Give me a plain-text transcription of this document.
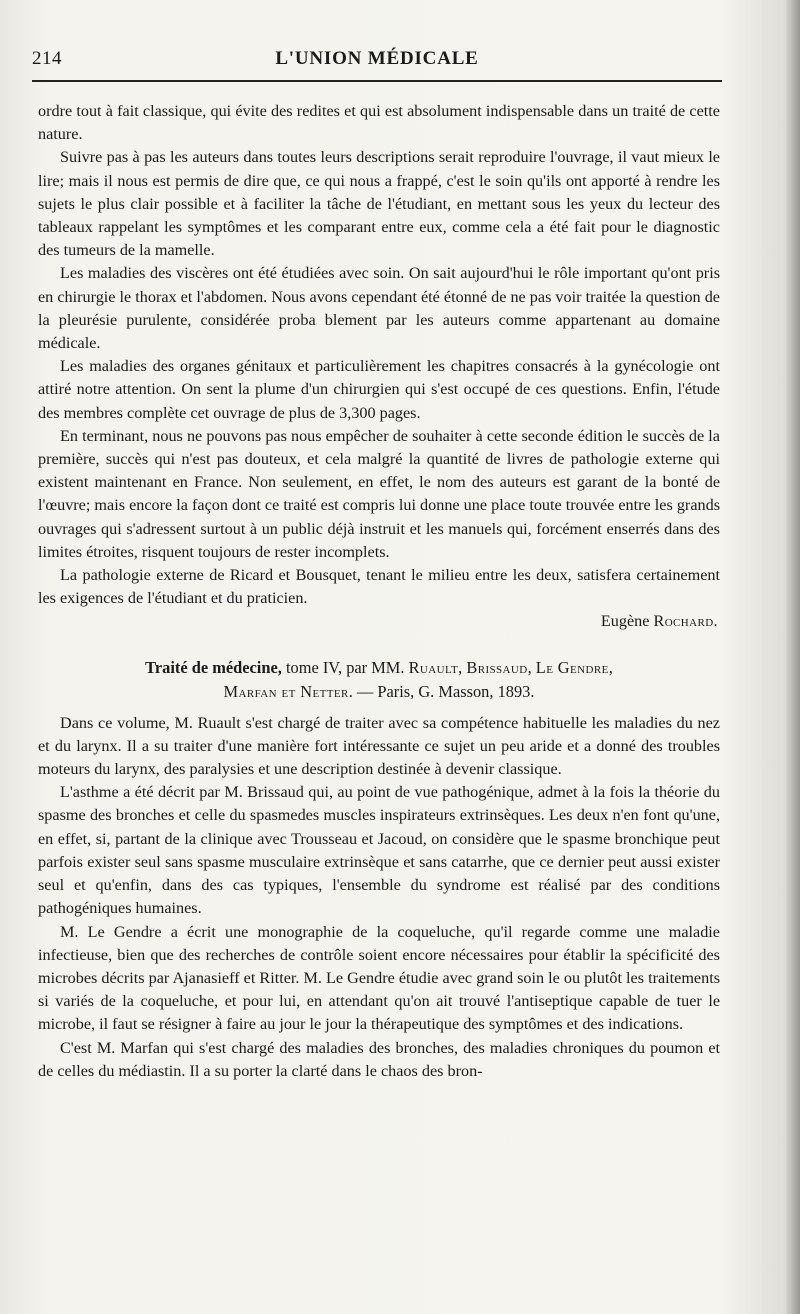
214	L'UNION MÉDICALE

ordre tout à fait classique, qui évite des redites et qui est absolument indispensable dans un traité de cette nature.

Suivre pas à pas les auteurs dans toutes leurs descriptions serait reproduire l'ouvrage, il vaut mieux le lire; mais il nous est permis de dire que, ce qui nous a frappé, c'est le soin qu'ils ont apporté à rendre les sujets le plus clair possible et à faciliter la tâche de l'étudiant, en mettant sous les yeux du lecteur des tableaux rappelant les symptômes et les comparant entre eux, comme cela a été fait pour le diagnostic des tumeurs de la mamelle.

Les maladies des viscères ont été étudiées avec soin. On sait aujourd'hui le rôle important qu'ont pris en chirurgie le thorax et l'abdomen. Nous avons cependant été étonné de ne pas voir traitée la question de la pleurésie purulente, considérée proba blement par les auteurs comme appartenant au domaine médicale.

Les maladies des organes génitaux et particulièrement les chapitres consacrés à la gynécologie ont attiré notre attention. On sent la plume d'un chirurgien qui s'est occupé de ces questions. Enfin, l'étude des membres complète cet ouvrage de plus de 3,300 pages.

En terminant, nous ne pouvons pas nous empêcher de souhaiter à cette seconde édition le succès de la première, succès qui n'est pas douteux, et cela malgré la quantité de livres de pathologie externe qui existent maintenant en France. Non seulement, en effet, le nom des auteurs est garant de la bonté de l'œuvre; mais encore la façon dont ce traité est compris lui donne une place toute trouvée entre les grands ouvrages qui s'adressent surtout à un public déjà instruit et les manuels qui, forcément enserrés dans des limites étroites, risquent toujours de rester incomplets.

La pathologie externe de Ricard et Bousquet, tenant le milieu entre les deux, satisfera certainement les exigences de l'étudiant et du praticien.

Eugène Rochard.

Traité de médecine, tome IV, par MM. Ruault, Brissaud, Le Gendre,
Marfan et Netter. — Paris, G. Masson, 1893.

Dans ce volume, M. Ruault s'est chargé de traiter avec sa compétence habituelle les maladies du nez et du larynx. Il a su traiter d'une manière fort intéressante ce sujet un peu aride et a donné des troubles moteurs du larynx, des paralysies et une description destinée à devenir classique.

L'asthme a été décrit par M. Brissaud qui, au point de vue pathogénique, admet à la fois la théorie du spasme des bronches et celle du spasmedes muscles inspirateurs extrinsèques. Les deux n'en font qu'une, en effet, si, partant de la clinique avec Trousseau et Jacoud, on considère que le spasme bronchique peut parfois exister seul sans spasme musculaire extrinsèque et sans catarrhe, que ce dernier peut aussi exister seul et qu'enfin, dans des cas typiques, l'ensemble du syndrome est réalisé par des conditions pathogéniques humaines.

M. Le Gendre a écrit une monographie de la coqueluche, qu'il regarde comme une maladie infectieuse, bien que des recherches de contrôle soient encore nécessaires pour établir la spécificité des microbes décrits par Ajanasieff et Ritter. M. Le Gendre étudie avec grand soin le ou plutôt les traitements si variés de la coqueluche, et pour lui, en attendant qu'on ait trouvé l'antiseptique capable de tuer le microbe, il faut se résigner à faire au jour le jour la thérapeutique des symptômes et des indications.

C'est M. Marfan qui s'est chargé des maladies des bronches, des maladies chroniques du poumon et de celles du médiastin. Il a su porter la clarté dans le chaos des bron-
